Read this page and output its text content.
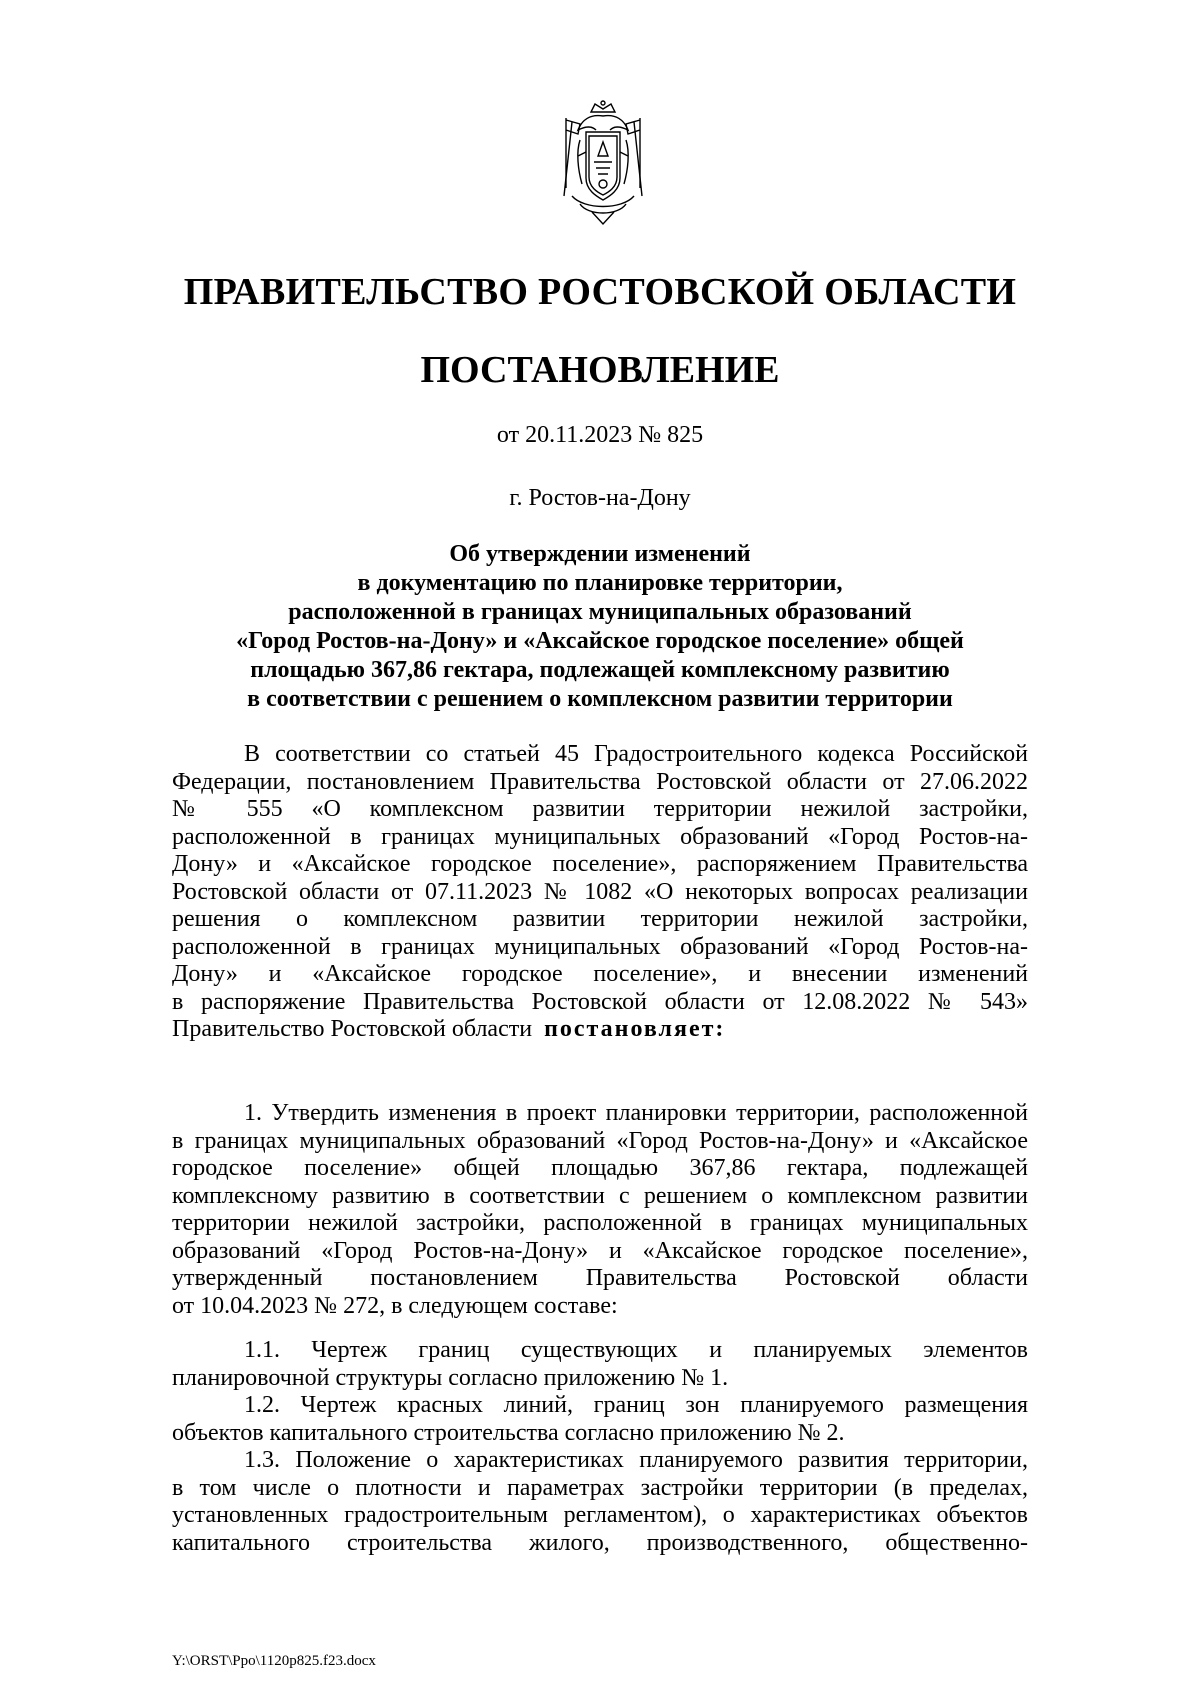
ПРАВИТЕЛЬСТВО РОСТОВСКОЙ ОБЛАСТИ
ПОСТАНОВЛЕНИЕ
от 20.11.2023 № 825
г. Ростов-на-Дону
Об утверждении изменений
в документацию по планировке территории,
расположенной в границах муниципальных образований
«Город Ростов-на-Дону» и «Аксайское городское поселение» общей
площадью 367,86 гектара, подлежащей комплексному развитию
в соответствии с решением о комплексном развитии территории
В соответствии со статьей 45 Градостроительного кодекса Российской
Федерации, постановлением Правительства Ростовской области от 27.06.2022
№ 555 «О комплексном развитии территории нежилой застройки,
расположенной в границах муниципальных образований «Город Ростов-на-
Дону» и «Аксайское городское поселение», распоряжением Правительства
Ростовской области от 07.11.2023 № 1082 «О некоторых вопросах реализации
решения о комплексном развитии территории нежилой застройки,
расположенной в границах муниципальных образований «Город Ростов-на-
Дону» и «Аксайское городское поселение», и внесении изменений
в распоряжение Правительства Ростовской области от 12.08.2022 № 543»
Правительство Ростовской области постановляет:
1. Утвердить изменения в проект планировки территории, расположенной
в границах муниципальных образований «Город Ростов-на-Дону» и «Аксайское
городское поселение» общей площадью 367,86 гектара, подлежащей
комплексному развитию в соответствии с решением о комплексном развитии
территории нежилой застройки, расположенной в границах муниципальных
образований «Город Ростов-на-Дону» и «Аксайское городское поселение»,
утвержденный постановлением Правительства Ростовской области
от 10.04.2023 № 272, в следующем составе:
1.1. Чертеж границ существующих и планируемых элементов
планировочной структуры согласно приложению № 1.
1.2. Чертеж красных линий, границ зон планируемого размещения
объектов капитального строительства согласно приложению № 2.
1.3. Положение о характеристиках планируемого развития территории,
в том числе о плотности и параметрах застройки территории (в пределах,
установленных градостроительным регламентом), о характеристиках объектов
капитального строительства жилого, производственного, общественно-
Y:\ORST\Ppo\1120p825.f23.docx
